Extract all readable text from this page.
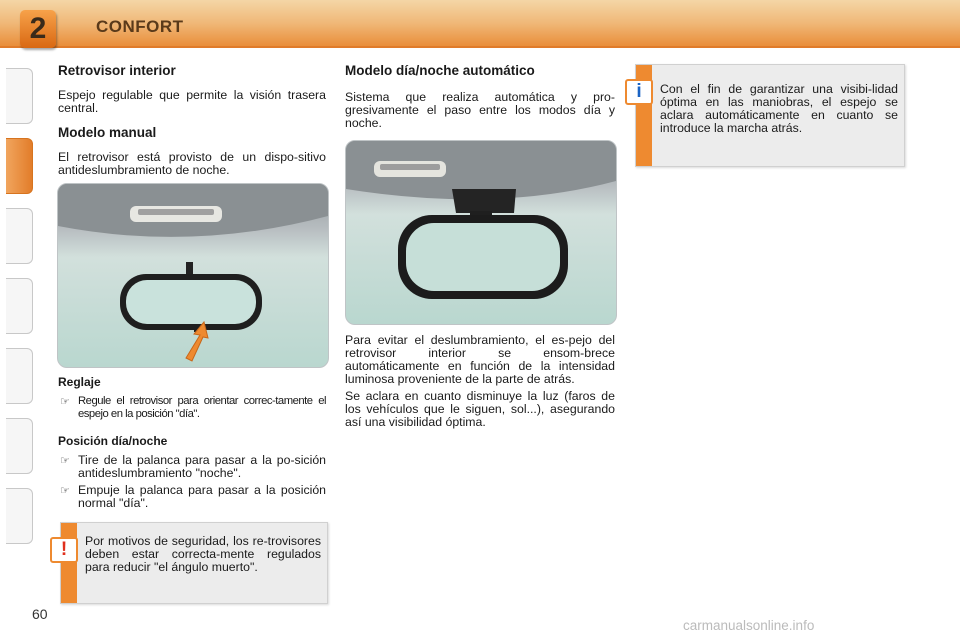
2	CONFORT
Retrovisor interior

Espejo regulable que permite la visión trasera central.

Modelo manual

El retrovisor está provisto de un dispo-sitivo antideslumbramiento de noche.

Reglaje
☞ Regule el retrovisor para orientar correc-tamente el espejo en la posición "día".

Posición día/noche
☞ Tire de la palanca para pasar a la po-sición antideslumbramiento "noche".

☞ Empuje la palanca para pasar a la posición normal "día".

!	Por motivos de seguridad, los re-trovisores deben estar correcta-mente regulados para reducir "el ángulo muerto".

Modelo día/noche automático

Sistema que realiza automática y pro-gresivamente el paso entre los modos día y noche.

Para evitar el deslumbramiento, el es-pejo del retrovisor interior se ensom-brece automáticamente en función de la intensidad luminosa proveniente de la parte de atrás.

Se aclara en cuanto disminuye la luz (faros de los vehículos que le siguen, sol...), asegurando así una visibilidad óptima.

i	Con el fin de garantizar una visibi-lidad óptima en las maniobras, el espejo se aclara automáticamente en cuanto se introduce la marcha atrás.

60
carmanualsonline.info
